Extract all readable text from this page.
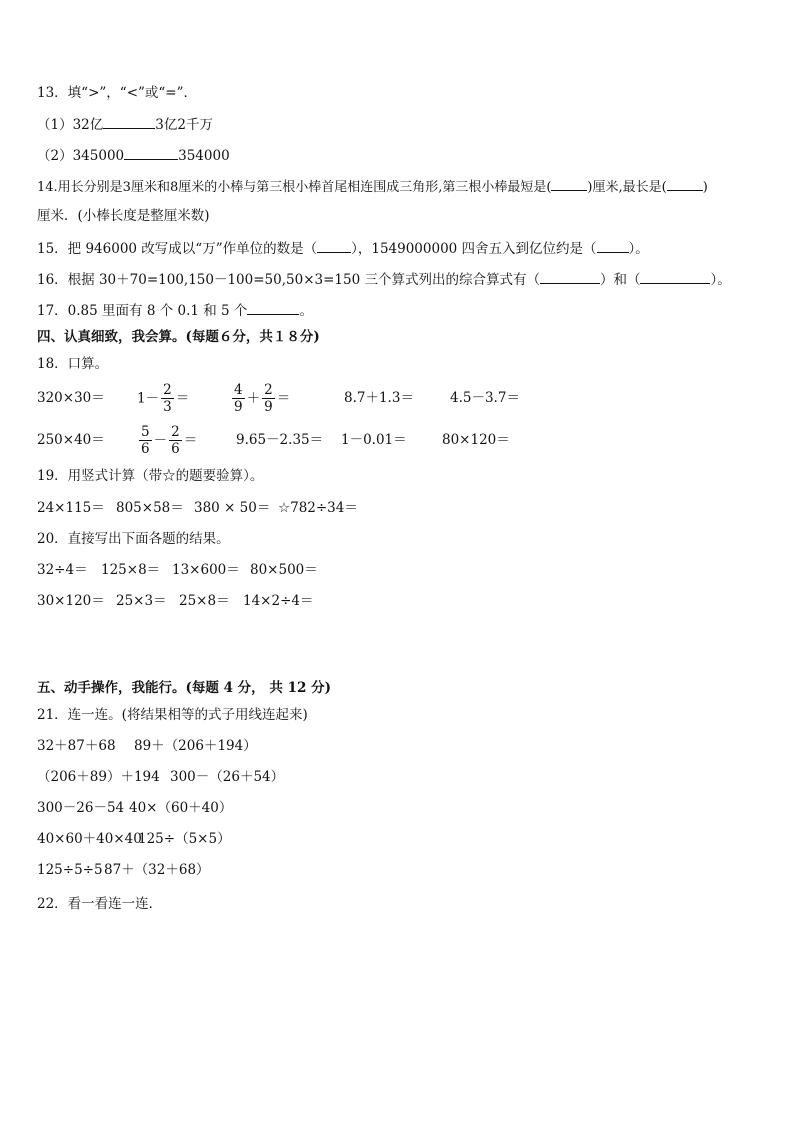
13．填“>”，“<”或“=”．
（1）32亿	3亿2千万
（2）345000	354000
14.用长分别是3厘米和8厘米的小棒与第三根小棒首尾相连围成三角形,第三根小棒最短是(	)厘米,最长是(	)
厘米．(小棒长度是整厘米数)
15．把 946000 改写成以“万”作单位的数是（	），1549000000 四舍五入到亿位约是（ ）。
16．根据 30＋70=100,150－100=50,50×3=150 三个算式列出的综合算式有（	）和（	）。
17．0.85 里面有 8 个 0.1 和 5 个	。
四、认真细致，我会算。(每题６分，共１８分)
18．口算。
$320\times 30= 1- \frac{2}{3}$ ＝	$\frac{4}{9} + \frac{2}{9}$ ＝	8.7＋1.3＝	4.5－3.7＝
250×40＝	$\frac{5}{6} - \frac{2}{6}$ ＝	9.65－2.35＝ 1－0.01＝	80×120＝
19．用竖式计算（带☆的题要验算）。
24×115＝ 805×58＝ 380 × 50＝ ☆782÷34＝
20．直接写出下面各题的结果。
32÷4＝ 125×8＝ 13×600＝ 80×500＝
30×120＝ 25×3＝ 25×8＝ 14×2÷4＝
五、动手操作，我能行。(每题 4 分， 共 12 分)
21．连一连。(将结果相等的式子用线连起来)
32＋87＋68 89＋（206＋194）
（206＋89）＋194 300－（26＋54）
300－26－54 40×（60＋40）
40×60＋40×40
125÷（5×5）
125÷5÷5 87＋（32＋68）
22．看一看连一连．
